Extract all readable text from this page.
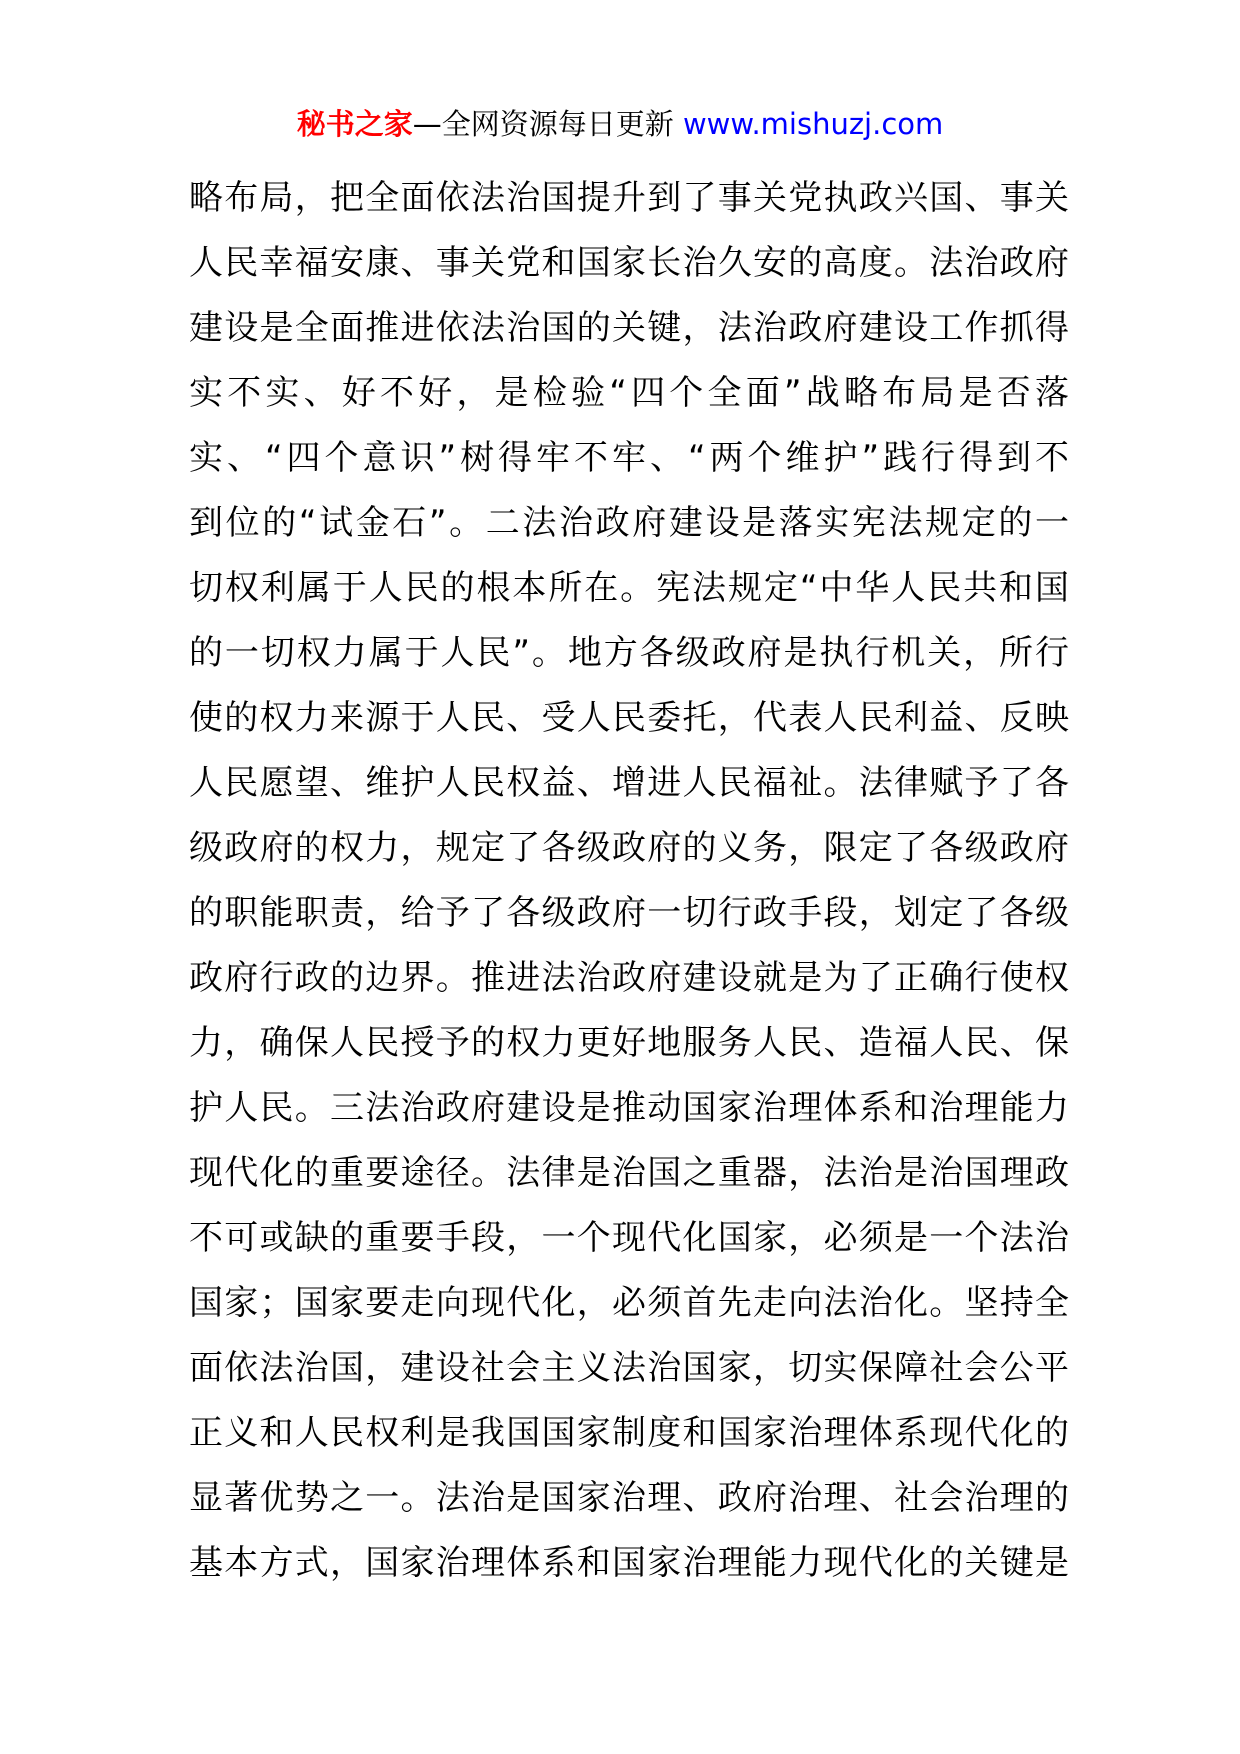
秘书之家—全网资源每日更新 www.mishuzj.com
略布局，把全面依法治国提升到了事关党执政兴国、事关
人民幸福安康、事关党和国家长治久安的高度。法治政府
建设是全面推进依法治国的关键，法治政府建设工作抓得
实不实、好不好，是检验“四个全面”战略布局是否落
实、“四个意识”树得牢不牢、“两个维护”践行得到不
到位的“试金石”。二法治政府建设是落实宪法规定的一
切权利属于人民的根本所在。宪法规定“中华人民共和国
的一切权力属于人民”。地方各级政府是执行机关，所行
使的权力来源于人民、受人民委托，代表人民利益、反映
人民愿望、维护人民权益、增进人民福祉。法律赋予了各
级政府的权力，规定了各级政府的义务，限定了各级政府
的职能职责，给予了各级政府一切行政手段，划定了各级
政府行政的边界。推进法治政府建设就是为了正确行使权
力，确保人民授予的权力更好地服务人民、造福人民、保
护人民。三法治政府建设是推动国家治理体系和治理能力
现代化的重要途径。法律是治国之重器，法治是治国理政
不可或缺的重要手段，一个现代化国家，必须是一个法治
国家；国家要走向现代化，必须首先走向法治化。坚持全
面依法治国，建设社会主义法治国家，切实保障社会公平
正义和人民权利是我国国家制度和国家治理体系现代化的
显著优势之一。法治是国家治理、政府治理、社会治理的
基本方式，国家治理体系和国家治理能力现代化的关键是
